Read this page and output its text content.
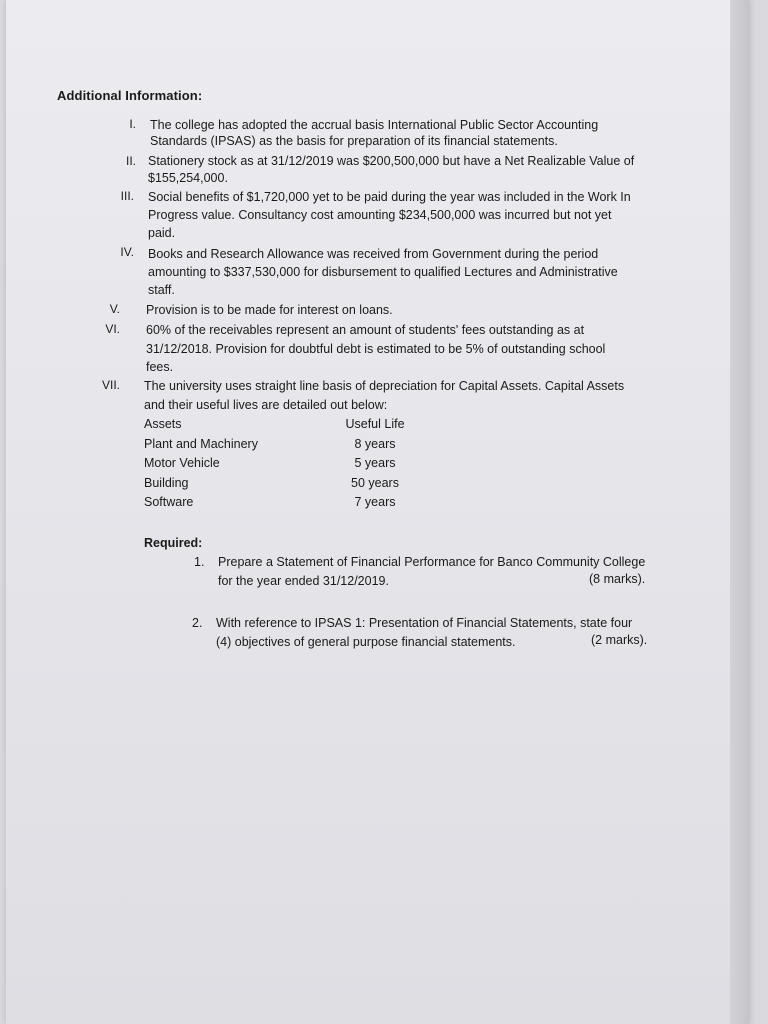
Additional Information:
I. The college has adopted the accrual basis International Public Sector Accounting
Standards (IPSAS) as the basis for preparation of its financial statements.
II. Stationery stock as at 31/12/2019 was $200,500,000 but have a Net Realizable Value of
$155,254,000.
III. Social benefits of $1,720,000 yet to be paid during the year was included in the Work In
Progress value. Consultancy cost amounting $234,500,000 was incurred but not yet
paid.
IV. Books and Research Allowance was received from Government during the period
amounting to $337,530,000 for disbursement to qualified Lectures and Administrative
staff.
V. Provision is to be made for interest on loans.
VI. 60% of the receivables represent an amount of students' fees outstanding as at
31/12/2018. Provision for doubtful debt is estimated to be 5% of outstanding school
fees.
VII. The university uses straight line basis of depreciation for Capital Assets. Capital Assets
and their useful lives are detailed out below:
Assets	Useful Life
Plant and Machinery	8 years
Motor Vehicle	5 years
Building	50 years
Software	7 years
Required:
1. Prepare a Statement of Financial Performance for Banco Community College
for the year ended 31/12/2019.	(8 marks).
2. With reference to IPSAS 1: Presentation of Financial Statements, state four
(4) objectives of general purpose financial statements.	(2 marks).
